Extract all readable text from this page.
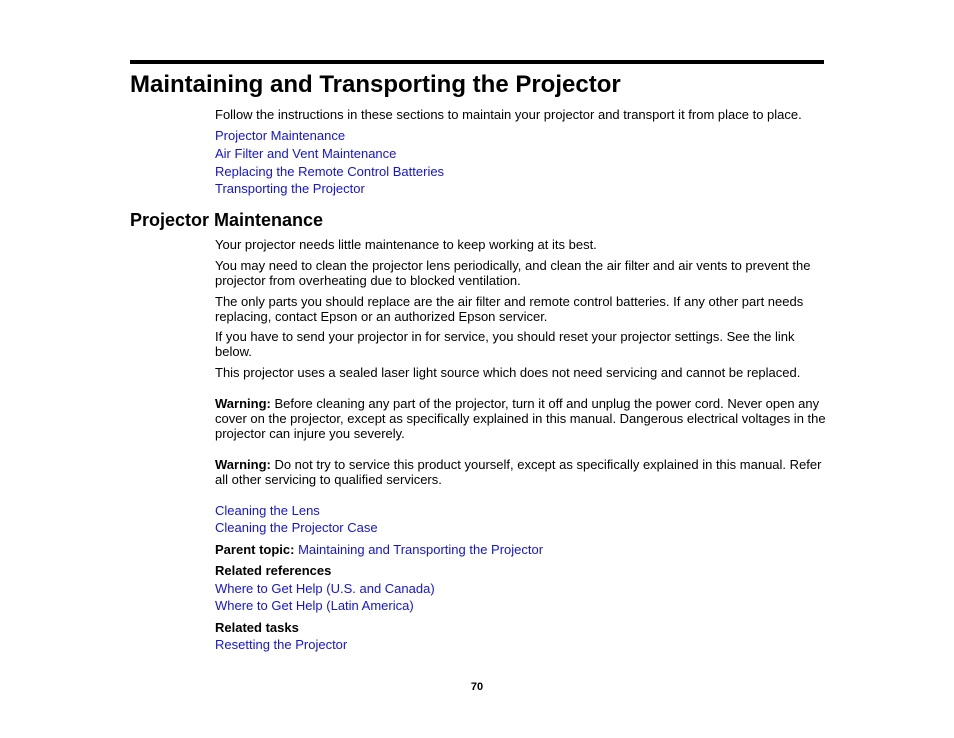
Maintaining and Transporting the Projector

Follow the instructions in these sections to maintain your projector and transport it from place to place.

Projector Maintenance

Air Filter and Vent Maintenance

Replacing the Remote Control Batteries

Transporting the Projector

Projector Maintenance

Your projector needs little maintenance to keep working at its best.

You may need to clean the projector lens periodically, and clean the air filter and air vents to prevent the projector from overheating due to blocked ventilation.

The only parts you should replace are the air filter and remote control batteries. If any other part needs replacing, contact Epson or an authorized Epson servicer.

If you have to send your projector in for service, you should reset your projector settings. See the link below.

This projector uses a sealed laser light source which does not need servicing and cannot be replaced.

Warning: Before cleaning any part of the projector, turn it off and unplug the power cord. Never open any cover on the projector, except as specifically explained in this manual. Dangerous electrical voltages in the projector can injure you severely.

Warning: Do not try to service this product yourself, except as specifically explained in this manual. Refer all other servicing to qualified servicers.

Cleaning the Lens

Cleaning the Projector Case

Parent topic: Maintaining and Transporting the Projector

Related references

Where to Get Help (U.S. and Canada)

Where to Get Help (Latin America)

Related tasks

Resetting the Projector

70
